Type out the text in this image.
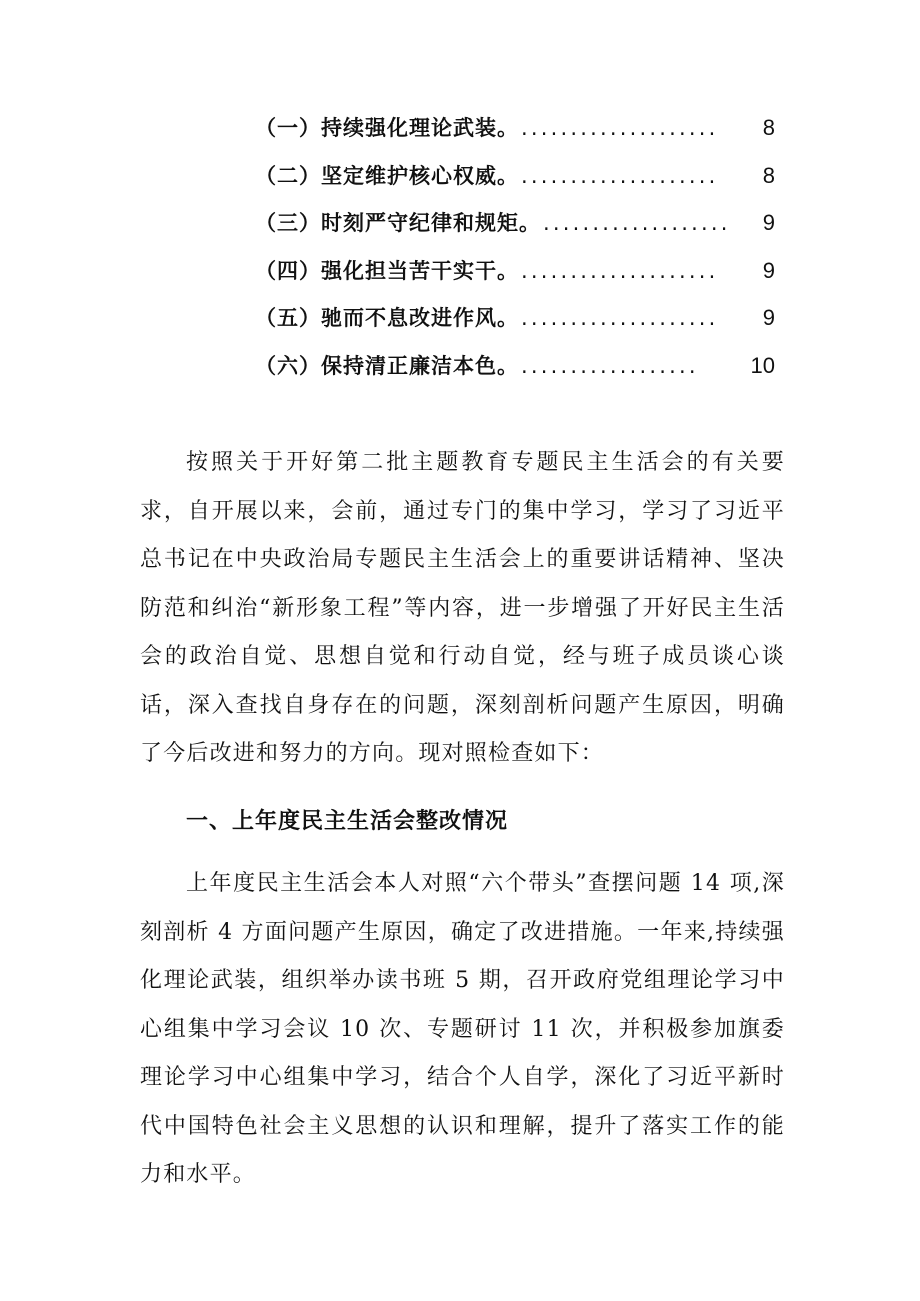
（一）持续强化理论武装。 ....................	8
（二）坚定维护核心权威。 ....................	8
（三）时刻严守纪律和规矩。 ...................	9
（四）强化担当苦干实干。 ....................	9
（五）驰而不息改进作风。 ....................	9
（六）保持清正廉洁本色。 ..................	10

按照关于开好第二批主题教育专题民主生活会的有关要求，自开展以来，会前，通过专门的集中学习，学习了习近平总书记在中央政治局专题民主生活会上的重要讲话精神、坚决防范和纠治“新形象工程”等内容，进一步增强了开好民主生活会的政治自觉、思想自觉和行动自觉，经与班子成员谈心谈话，深入查找自身存在的问题，深刻剖析问题产生原因，明确了今后改进和努力的方向。现对照检查如下：

一、上年度民主生活会整改情况

上年度民主生活会本人对照“六个带头”查摆问题 14 项,深刻剖析 4 方面问题产生原因，确定了改进措施。一年来,持续强化理论武装，组织举办读书班 5 期，召开政府党组理论学习中心组集中学习会议 10 次、专题研讨 11 次，并积极参加旗委理论学习中心组集中学习，结合个人自学，深化了习近平新时代中国特色社会主义思想的认识和理解，提升了落实工作的能力和水平。
